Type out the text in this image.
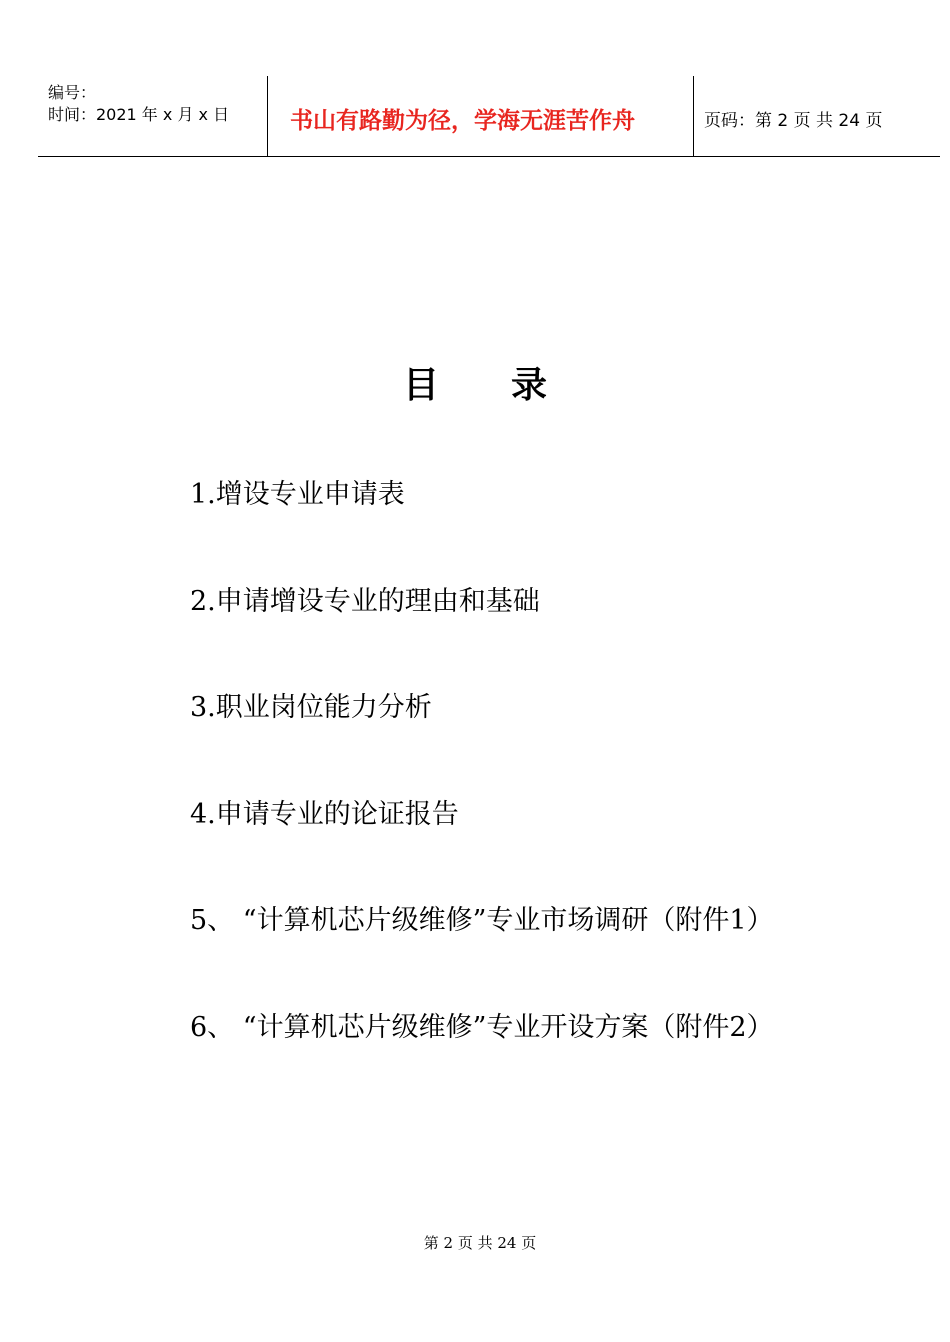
编号：
时间：2021 年 x 月 x 日	书山有路勤为径，学海无涯苦作舟	页码：第 2 页 共 24 页
目 录
1.增设专业申请表
2.申请增设专业的理由和基础
3.职业岗位能力分析
4.申请专业的论证报告
5、 “计算机芯片级维修”专业市场调研（附件1）
6、 “计算机芯片级维修”专业开设方案（附件2）
第 2 页 共 24 页
